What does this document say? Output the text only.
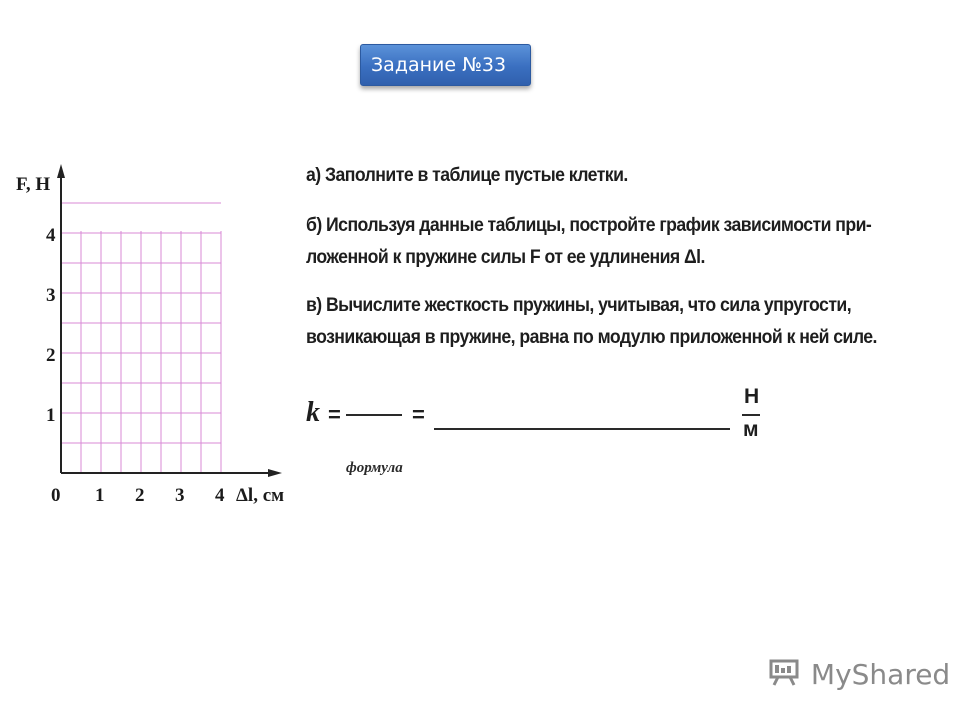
Задание №33
F, Н
Δl, см
0 1 2 3 4
1
2
3
4

а) Заполните в таблице пустые клетки.

б) Используя данные таблицы, постройте график зависимости при-

ложенной к пружине силы F от ее удлинения Δl.

в) Вычислите жесткость пружины, учитывая, что сила упругости,

возникающая в пружине, равна по модулю приложенной к ней силе.

k =	=
Н
м
формула
MyShared
